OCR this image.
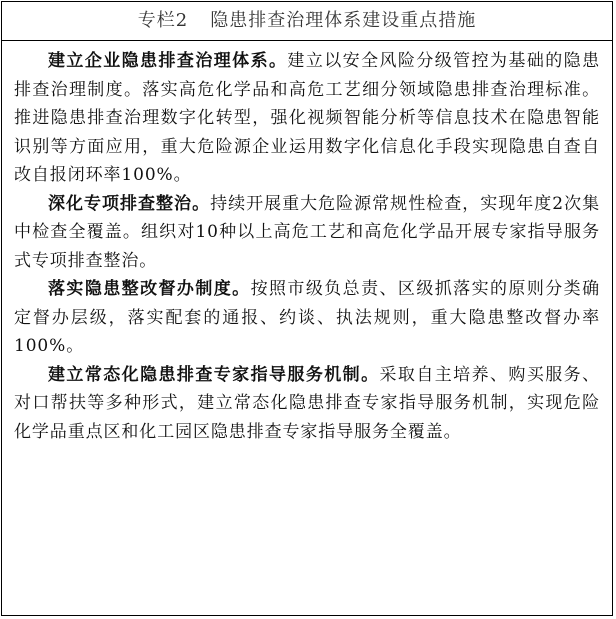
专栏2 隐患排查治理体系建设重点措施

建立企业隐患排查治理体系。建立以安全风险分级管控为基础的隐患排查治理制度。落实高危化学品和高危工艺细分领域隐患排查治理标准。推进隐患排查治理数字化转型，强化视频智能分析等信息技术在隐患智能识别等方面应用，重大危险源企业运用数字化信息化手段实现隐患自查自改自报闭环率100%。

深化专项排查整治。持续开展重大危险源常规性检查，实现年度2次集中检查全覆盖。组织对10种以上高危工艺和高危化学品开展专家指导服务式专项排查整治。

落实隐患整改督办制度。按照市级负总责、区级抓落实的原则分类确定督办层级，落实配套的通报、约谈、执法规则，重大隐患整改督办率100%。

建立常态化隐患排查专家指导服务机制。采取自主培养、购买服务、对口帮扶等多种形式，建立常态化隐患排查专家指导服务机制，实现危险化学品重点区和化工园区隐患排查专家指导服务全覆盖。
